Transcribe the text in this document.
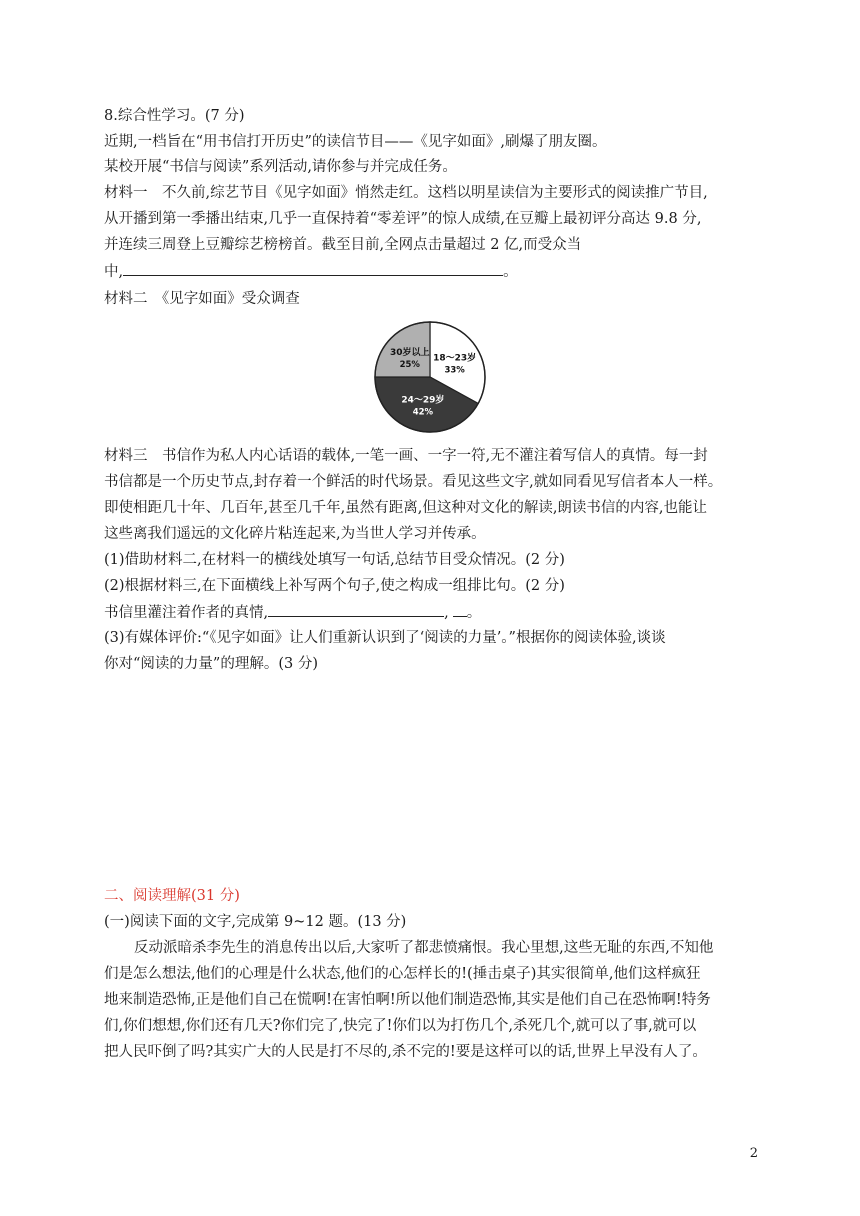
8.综合性学习。(7 分)
近期,一档旨在“用书信打开历史”的读信节目——《见字如面》,刷爆了朋友圈。
某校开展“书信与阅读”系列活动,请你参与并完成任务。
材料一　不久前,综艺节目《见字如面》悄然走红。这档以明星读信为主要形式的阅读推广节目,
从开播到第一季播出结束,几乎一直保持着“零差评”的惊人成绩,在豆瓣上最初评分高达 9.8 分,
并连续三周登上豆瓣综艺榜榜首。截至目前,全网点击量超过 2 亿,而受众当
中,	。
材料二　《见字如面》受众调查
18～23岁
33%
24～29岁
42%
30岁以上
25%
材料三　书信作为私人内心话语的载体,一笔一画、一字一符,无不灌注着写信人的真情。每一封
书信都是一个历史节点,封存着一个鲜活的时代场景。看见这些文字,就如同看见写信者本人一样。
即使相距几十年、几百年,甚至几千年,虽然有距离,但这种对文化的解读,朗读书信的内容,也能让
这些离我们遥远的文化碎片粘连起来,为当世人学习并传承。
(1)借助材料二,在材料一的横线处填写一句话,总结节目受众情况。(2 分)
(2)根据材料三,在下面横线上补写两个句子,使之构成一组排比句。(2 分)
书信里灌注着作者的真情,	, 。
(3)有媒体评价:“《见字如面》让人们重新认识到了‘阅读的力量’。”根据你的阅读体验,谈谈
你对“阅读的力量”的理解。(3 分)
二、阅读理解(31 分)
(一)阅读下面的文字,完成第 9~12 题。(13 分)
反动派暗杀李先生的消息传出以后,大家听了都悲愤痛恨。我心里想,这些无耻的东西,不知他
们是怎么想法,他们的心理是什么状态,他们的心怎样长的!(捶击桌子)其实很简单,他们这样疯狂
地来制造恐怖,正是他们自己在慌啊!在害怕啊!所以他们制造恐怖,其实是他们自己在恐怖啊!特务
们,你们想想,你们还有几天?你们完了,快完了!你们以为打伤几个,杀死几个,就可以了事,就可以
把人民吓倒了吗?其实广大的人民是打不尽的,杀不完的!要是这样可以的话,世界上早没有人了。
2
